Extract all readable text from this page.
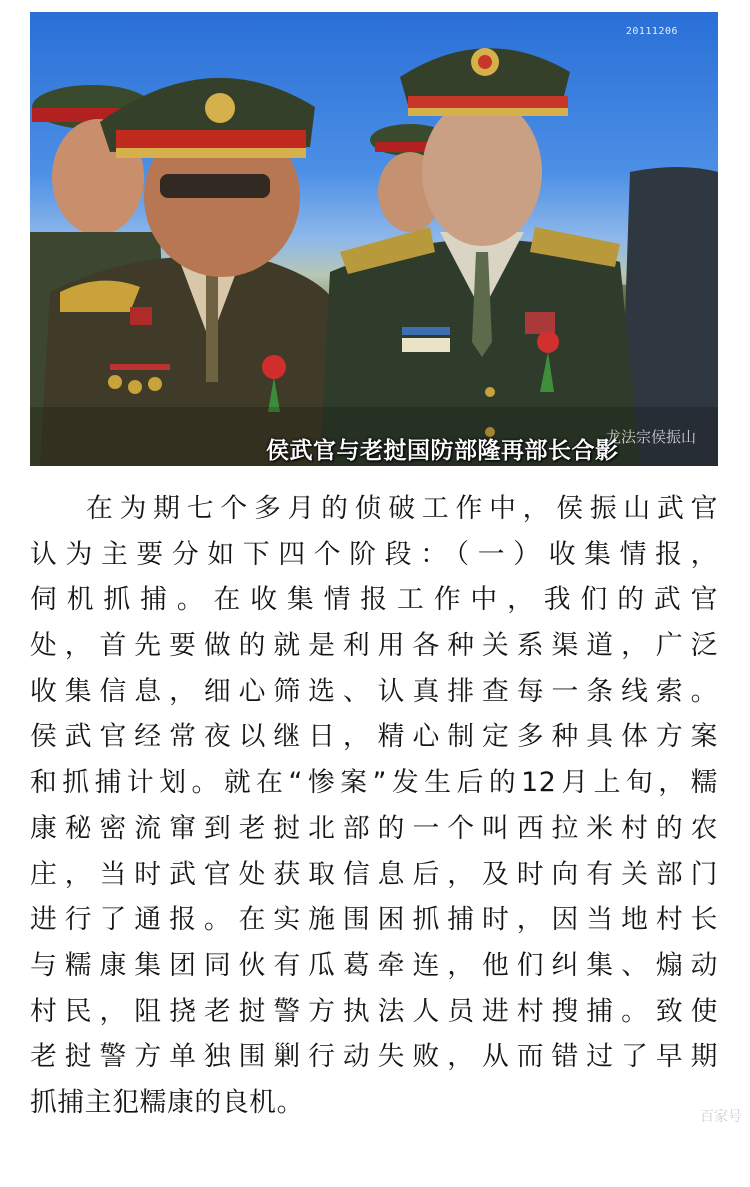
20111206
侯武官与老挝国防部隆再部长合影
龙法宗侯振山
在为期七个多月的侦破工作中，侯振山武官
认为主要分如下四个阶段：（一）收集情报，
伺机抓捕。在收集情报工作中，我们的武官
处，首先要做的就是利用各种关系渠道，广泛
收集信息，细心筛选、认真排查每一条线索。
侯武官经常夜以继日，精心制定多种具体方案
和抓捕计划。就在“惨案”发生后的12月上旬，糯
康秘密流窜到老挝北部的一个叫西拉米村的农
庄，当时武官处获取信息后，及时向有关部门
进行了通报。在实施围困抓捕时，因当地村长
与糯康集团同伙有瓜葛牵连，他们纠集、煽动
村民，阻挠老挝警方执法人员进村搜捕。致使
老挝警方单独围剿行动失败，从而错过了早期
抓捕主犯糯康的良机。	百家号
